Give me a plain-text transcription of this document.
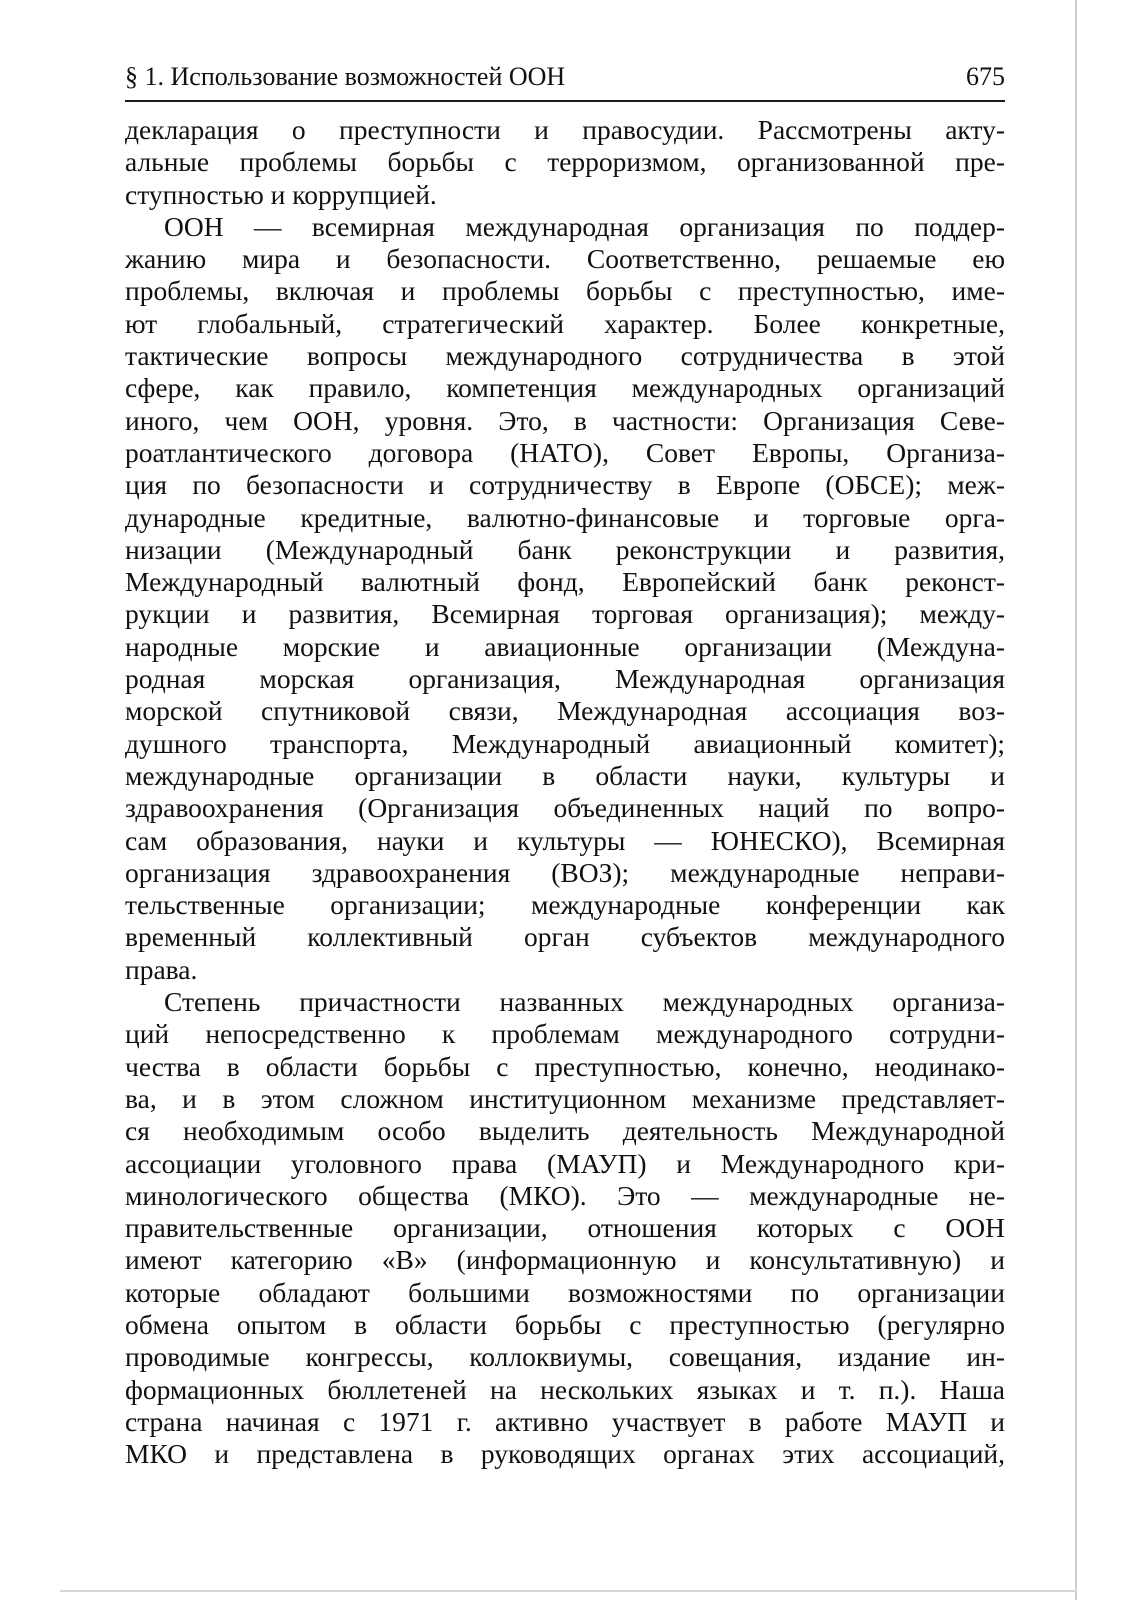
§ 1. Использование возможностей ООН	675
декларация о преступности и правосудии. Рассмотрены акту-
альные проблемы борьбы с терроризмом, организованной пре-
ступностью и коррупцией.
ООН — всемирная международная организация по поддер-
жанию мира и безопасности. Соответственно, решаемые ею
проблемы, включая и проблемы борьбы с преступностью, име-
ют глобальный, стратегический характер. Более конкретные,
тактические вопросы международного сотрудничества в этой
сфере, как правило, компетенция международных организаций
иного, чем ООН, уровня. Это, в частности: Организация Севе-
роатлантического договора (НАТО), Совет Европы, Организа-
ция по безопасности и сотрудничеству в Европе (ОБСЕ); меж-
дународные кредитные, валютно-финансовые и торговые орга-
низации (Международный банк реконструкции и развития,
Международный валютный фонд, Европейский банк реконст-
рукции и развития, Всемирная торговая организация); между-
народные морские и авиационные организации (Междуна-
родная морская организация, Международная организация
морской спутниковой связи, Международная ассоциация воз-
душного транспорта, Международный авиационный комитет);
международные организации в области науки, культуры и
здравоохранения (Организация объединенных наций по вопро-
сам образования, науки и культуры — ЮНЕСКО), Всемирная
организация здравоохранения (ВОЗ); международные неправи-
тельственные организации; международные конференции как
временный коллективный орган субъектов международного
права.
Степень причастности названных международных организа-
ций непосредственно к проблемам международного сотрудни-
чества в области борьбы с преступностью, конечно, неодинако-
ва, и в этом сложном институционном механизме представляет-
ся необходимым особо выделить деятельность Международной
ассоциации уголовного права (МАУП) и Международного кри-
минологического общества (МКО). Это — международные не-
правительственные организации, отношения которых с ООН
имеют категорию «В» (информационную и консультативную) и
которые обладают большими возможностями по организации
обмена опытом в области борьбы с преступностью (регулярно
проводимые конгрессы, коллоквиумы, совещания, издание ин-
формационных бюллетеней на нескольких языках и т. п.). Наша
страна начиная с 1971 г. активно участвует в работе МАУП и
МКО и представлена в руководящих органах этих ассоциаций,
